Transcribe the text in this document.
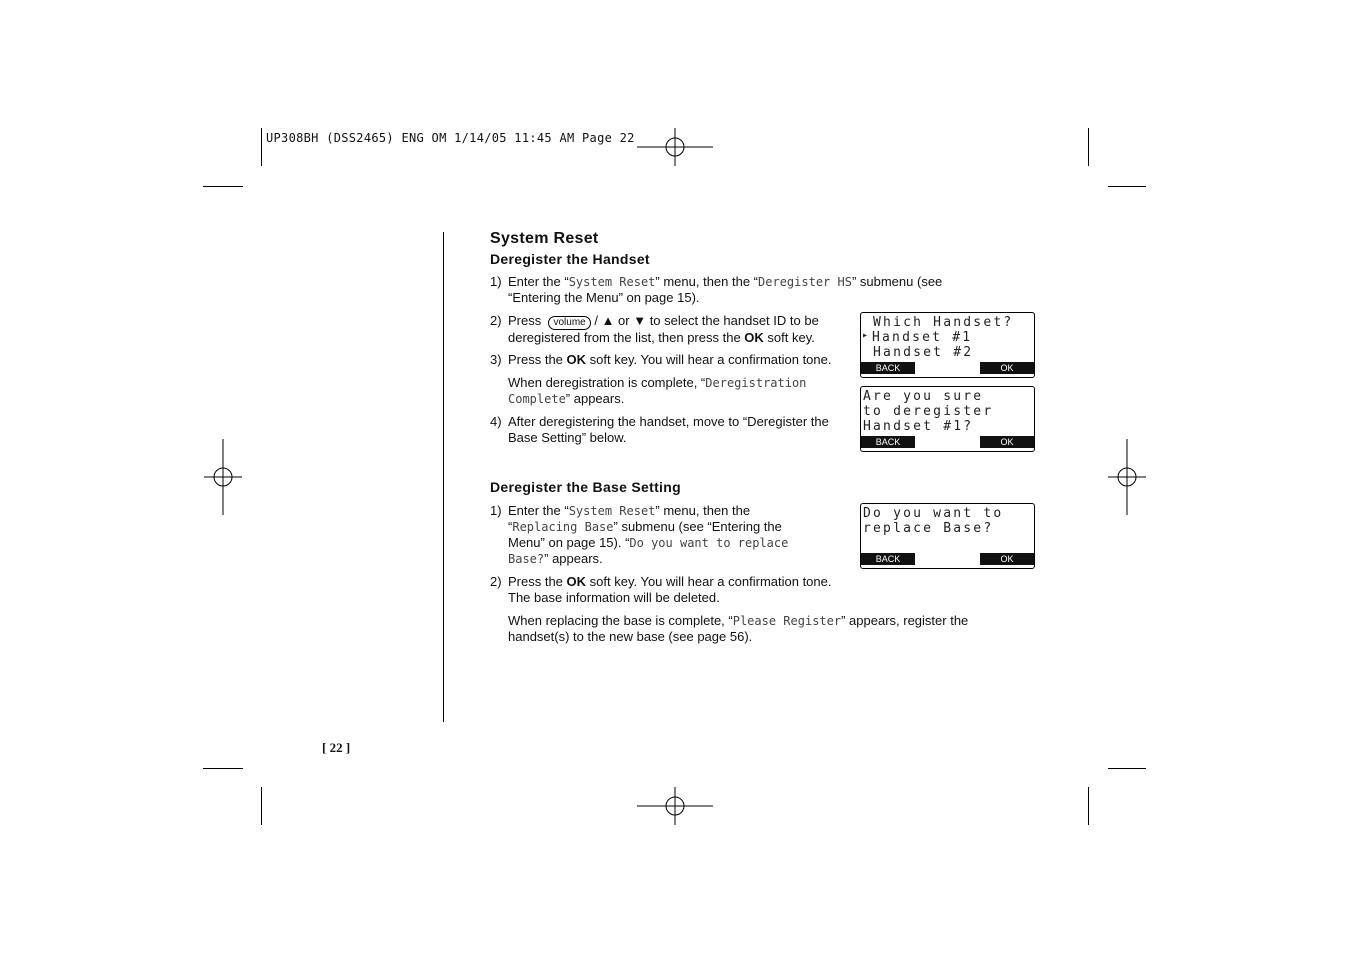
UP308BH (DSS2465) ENG OM 1/14/05 11:45 AM Page 22
System Reset
Deregister the Handset
1) Enter the “System Reset” menu, then the “Deregister HS” submenu (see
“Entering the Menu” on page 15).
2) Press volume / ▲ or ▼ to select the handset ID to be
deregistered from the list, then press the OK soft key.
3) Press the OK soft key. You will hear a confirmation tone.
When deregistration is complete, “Deregistration
Complete” appears.
4) After deregistering the handset, move to “Deregister the
Base Setting” below.
Which Handset?
▸ Handset #1
Handset #2
BACK	OK
Are you sure
to deregister
Handset #1?
BACK	OK
Deregister the Base Setting
1) Enter the “System Reset” menu, then the
“Replacing Base” submenu (see “Entering the
Menu” on page 15). “Do you want to replace
Base?” appears.
2) Press the OK soft key. You will hear a confirmation tone.
The base information will be deleted.
When replacing the base is complete, “Please Register” appears, register the
handset(s) to the new base (see page 56).
Do you want to
replace Base?
BACK	OK
[ 22 ]
